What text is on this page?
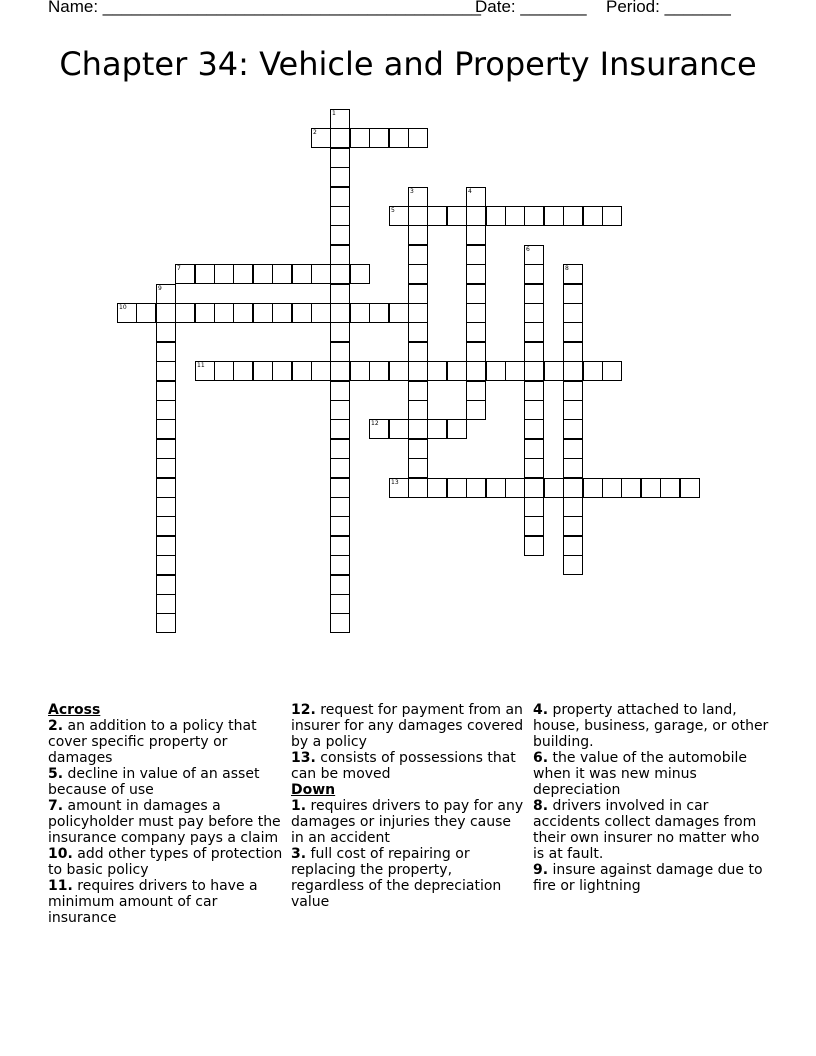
Name: ________________________________________
Date: _______ Period: _______
Chapter 34: Vehicle and Property Insurance
1
2
3	4
5
6
7	8
9
10
11
12
13
Across
2. an addition to a policy that cover specific property or damages
5. decline in value of an asset because of use
7. amount in damages a policyholder must pay before the insurance company pays a claim
10. add other types of protection to basic policy
11. requires drivers to have a minimum amount of car insurance
12. request for payment from an insurer for any damages covered by a policy
13. consists of possessions that can be moved
Down
1. requires drivers to pay for any damages or injuries they cause in an accident
3. full cost of repairing or replacing the property, regardless of the depreciation value
4. property attached to land, house, business, garage, or other building.
6. the value of the automobile when it was new minus depreciation
8. drivers involved in car accidents collect damages from their own insurer no matter who is at fault.
9. insure against damage due to fire or lightning
